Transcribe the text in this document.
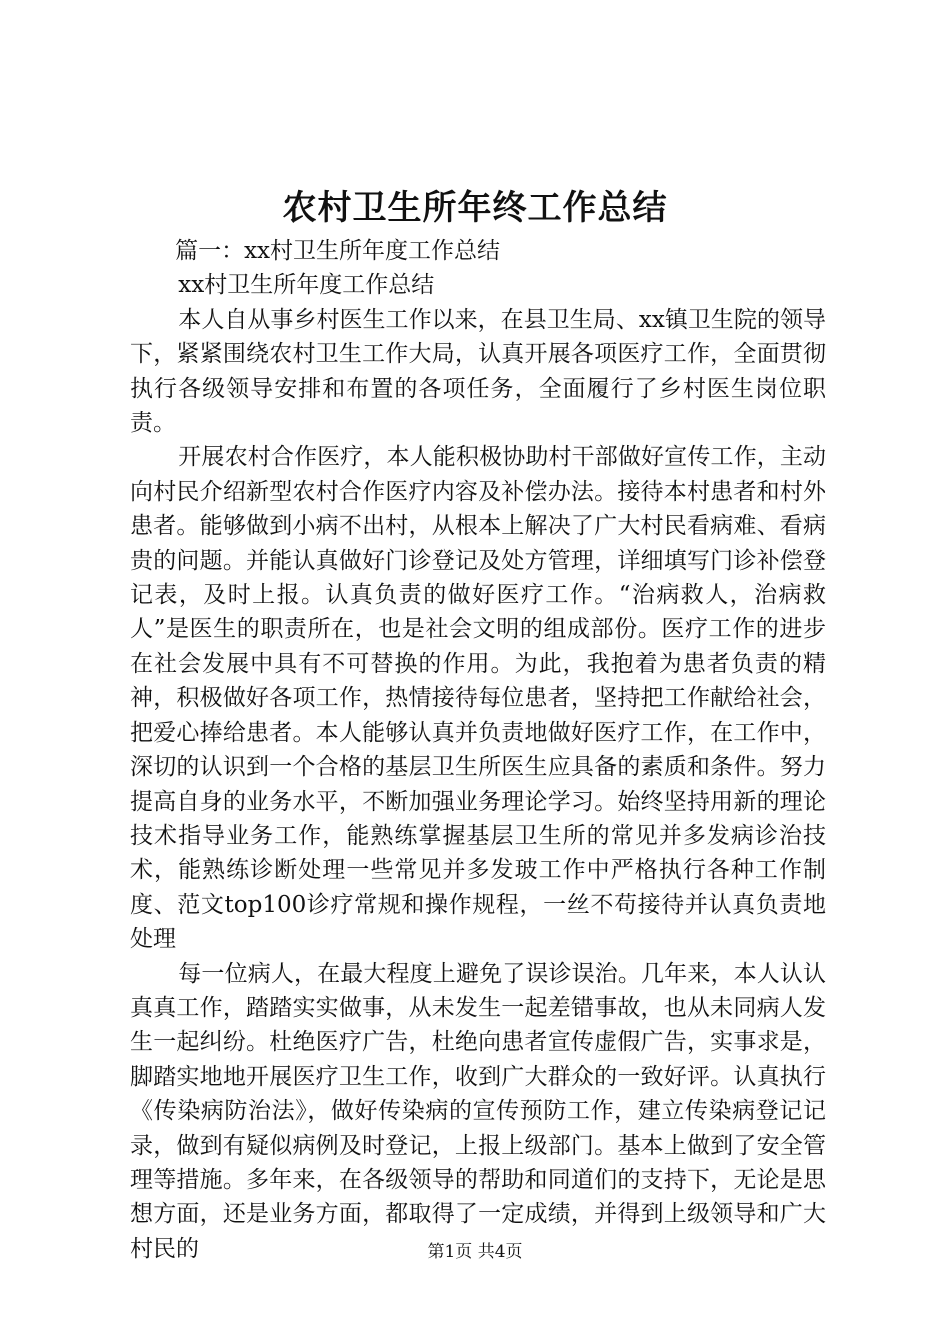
农村卫生所年终工作总结

篇一：xx村卫生所年度工作总结

xx村卫生所年度工作总结

本人自从事乡村医生工作以来，在县卫生局、xx镇卫生院的领导下，紧紧围绕农村卫生工作大局，认真开展各项医疗工作，全面贯彻执行各级领导安排和布置的各项任务，全面履行了乡村医生岗位职责。

开展农村合作医疗，本人能积极协助村干部做好宣传工作，主动向村民介绍新型农村合作医疗内容及补偿办法。接待本村患者和村外患者。能够做到小病不出村，从根本上解决了广大村民看病难、看病贵的问题。并能认真做好门诊登记及处方管理，详细填写门诊补偿登记表，及时上报。认真负责的做好医疗工作。“治病救人，治病救人”是医生的职责所在，也是社会文明的组成部份。医疗工作的进步在社会发展中具有不可替换的作用。为此，我抱着为患者负责的精神，积极做好各项工作，热情接待每位患者，坚持把工作献给社会，把爱心捧给患者。本人能够认真并负责地做好医疗工作，在工作中，深切的认识到一个合格的基层卫生所医生应具备的素质和条件。努力提高自身的业务水平，不断加强业务理论学习。始终坚持用新的理论技术指导业务工作，能熟练掌握基层卫生所的常见并多发病诊治技术，能熟练诊断处理一些常见并多发玻工作中严格执行各种工作制度、范文top100诊疗常规和操作规程，一丝不苟接待并认真负责地处理

每一位病人，在最大程度上避免了误诊误治。几年来，本人认认真真工作，踏踏实实做事，从未发生一起差错事故，也从未同病人发生一起纠纷。杜绝医疗广告，杜绝向患者宣传虚假广告，实事求是，脚踏实地地开展医疗卫生工作，收到广大群众的一致好评。认真执行《传染病防治法》，做好传染病的宣传预防工作，建立传染病登记记录，做到有疑似病例及时登记，上报上级部门。基本上做到了安全管理等措施。多年来，在各级领导的帮助和同道们的支持下，无论是思想方面，还是业务方面，都取得了一定成绩，并得到上级领导和广大村民的	第1页 共4页
